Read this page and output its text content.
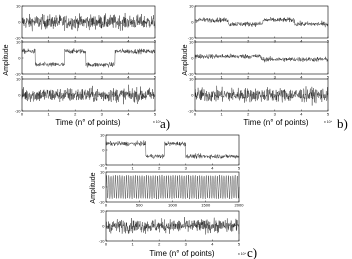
0	1	2	3	4	5
10
0
-10
0	1	2	3	4	5
10
0
-10
0	1	2	3	4	5
10
0
-10
Amplitude
Time (n° of points)	x 10⁴
a)
0	1	2	3	4	5
10
0
-10
0	1	2	3	4	5
10
0
-10
0	1	2	3	4	5
10
0
-10
Amplitude
Time (n° of points)	x 10⁴ b)
0	1	2	3	4	5
10
0
-10
0	500	1000	1500	2000
10
0
-10
0	1	2	3	4	5
10
0
-10
Amplitude
Time (n° of points)	x 10⁴ c)
